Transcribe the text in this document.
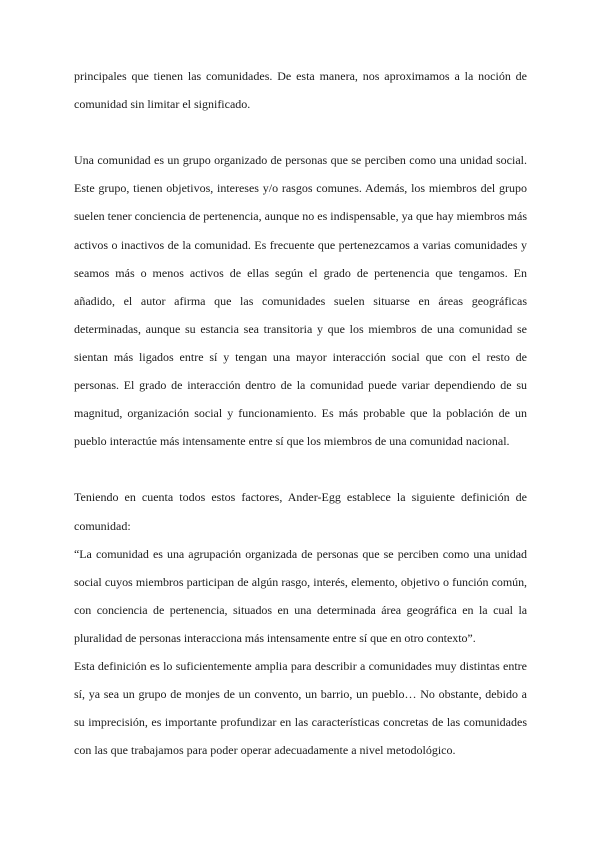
principales que tienen las comunidades. De esta manera, nos aproximamos a la noción de comunidad sin limitar el significado.

Una comunidad es un grupo organizado de personas que se perciben como una unidad social. Este grupo, tienen objetivos, intereses y/o rasgos comunes. Además, los miembros del grupo suelen tener conciencia de pertenencia, aunque no es indispensable, ya que hay miembros más activos o inactivos de la comunidad. Es frecuente que pertenezcamos a varias comunidades y seamos más o menos activos de ellas según el grado de pertenencia que tengamos. En añadido, el autor afirma que las comunidades suelen situarse en áreas geográficas determinadas, aunque su estancia sea transitoria y que los miembros de una comunidad se sientan más ligados entre sí y tengan una mayor interacción social que con el resto de personas. El grado de interacción dentro de la comunidad puede variar dependiendo de su magnitud, organización social y funcionamiento. Es más probable que la población de un pueblo interactúe más intensamente entre sí que los miembros de una comunidad nacional.

Teniendo en cuenta todos estos factores, Ander-Egg establece la siguiente definición de comunidad:

“La comunidad es una agrupación organizada de personas que se perciben como una unidad social cuyos miembros participan de algún rasgo, interés, elemento, objetivo o función común, con conciencia de pertenencia, situados en una determinada área geográfica en la cual la pluralidad de personas interacciona más intensamente entre sí que en otro contexto”.

Esta definición es lo suficientemente amplia para describir a comunidades muy distintas entre sí, ya sea un grupo de monjes de un convento, un barrio, un pueblo… No obstante, debido a su imprecisión, es importante profundizar en las características concretas de las comunidades con las que trabajamos para poder operar adecuadamente a nivel metodológico.
